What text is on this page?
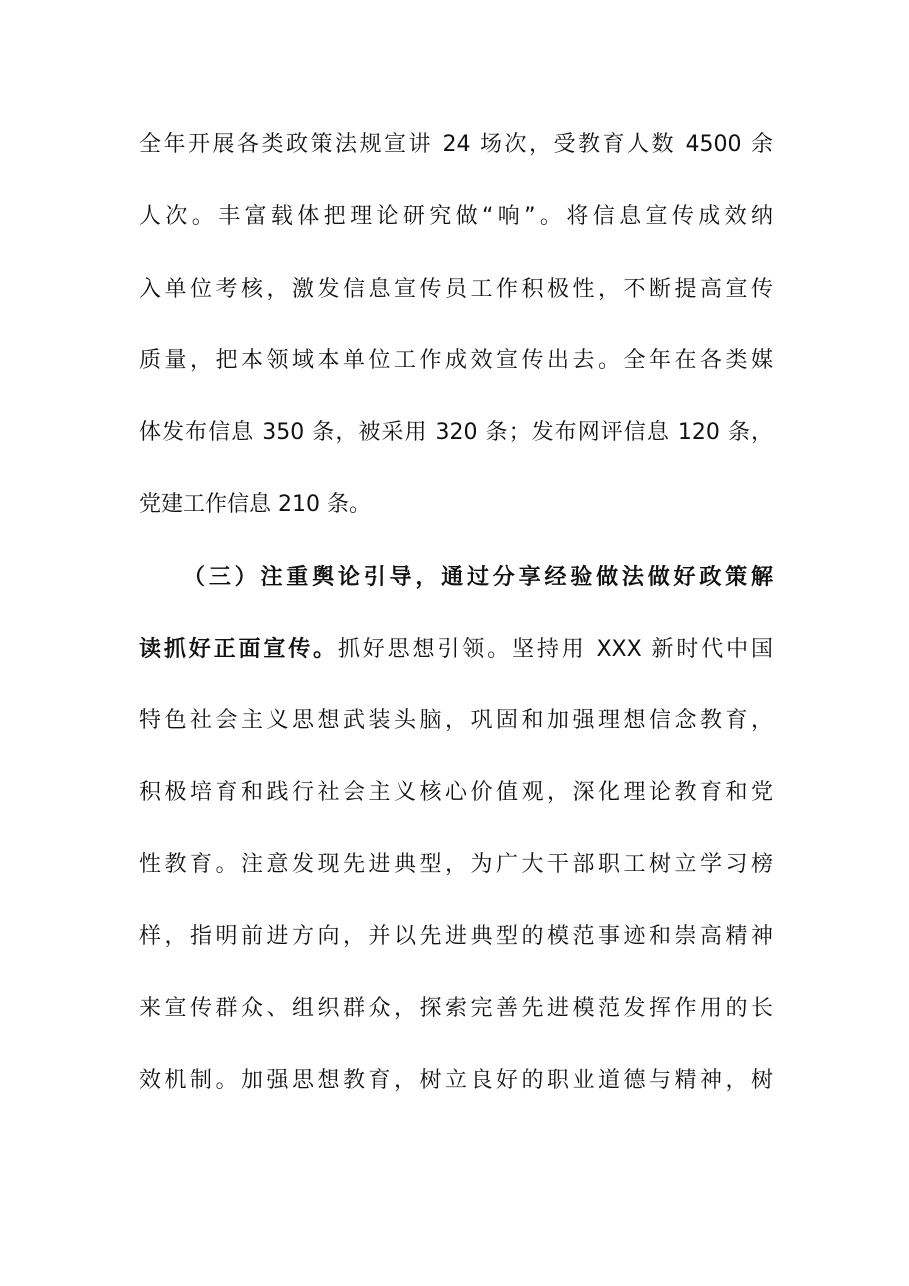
全年开展各类政策法规宣讲 24 场次，受教育人数 4500 余
人次。丰富载体把理论研究做“响”。将信息宣传成效纳
入单位考核，激发信息宣传员工作积极性，不断提高宣传
质量，把本领域本单位工作成效宣传出去。全年在各类媒
体发布信息 350 条，被采用 320 条；发布网评信息 120 条，
党建工作信息 210 条。
（三）注重舆论引导，通过分享经验做法做好政策解
读抓好正面宣传。抓好思想引领。坚持用 XXX 新时代中国
特色社会主义思想武装头脑，巩固和加强理想信念教育，
积极培育和践行社会主义核心价值观，深化理论教育和党
性教育。注意发现先进典型，为广大干部职工树立学习榜
样，指明前进方向，并以先进典型的模范事迹和崇高精神
来宣传群众、组织群众，探索完善先进模范发挥作用的长
效机制。加强思想教育，树立良好的职业道德与精神，树
